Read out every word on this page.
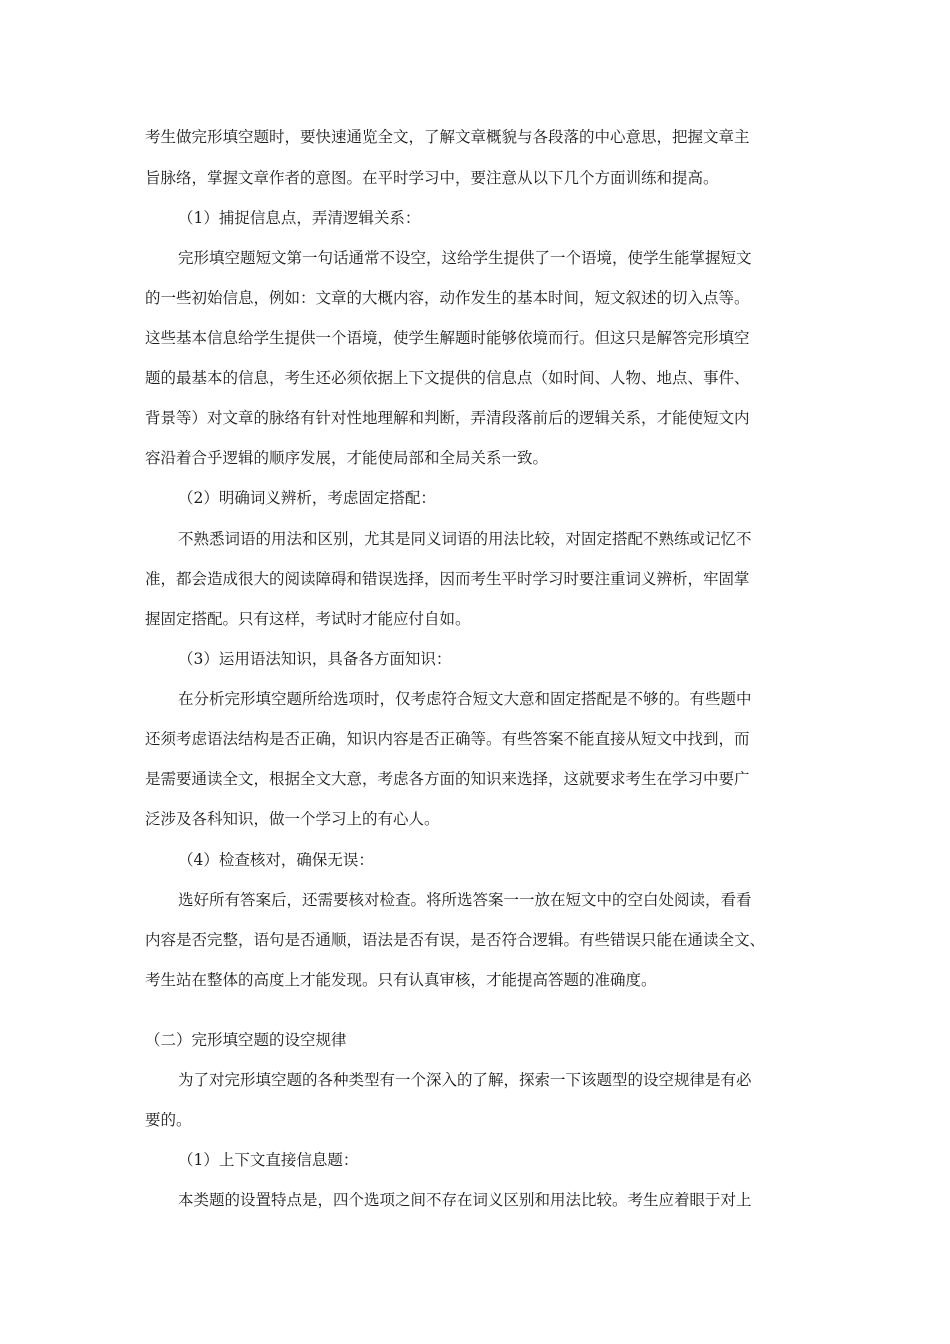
考生做完形填空题时，要快速通览全文，了解文章概貌与各段落的中心意思，把握文章主

旨脉络，掌握文章作者的意图。在平时学习中，要注意从以下几个方面训练和提高。

（1）捕捉信息点，弄清逻辑关系：

完形填空题短文第一句话通常不设空，这给学生提供了一个语境，使学生能掌握短文

的一些初始信息，例如：文章的大概内容，动作发生的基本时间，短文叙述的切入点等。

这些基本信息给学生提供一个语境，使学生解题时能够依境而行。但这只是解答完形填空

题的最基本的信息，考生还必须依据上下文提供的信息点（如时间、人物、地点、事件、

背景等）对文章的脉络有针对性地理解和判断，弄清段落前后的逻辑关系，才能使短文内

容沿着合乎逻辑的顺序发展，才能使局部和全局关系一致。

（2）明确词义辨析，考虑固定搭配：

不熟悉词语的用法和区别，尤其是同义词语的用法比较，对固定搭配不熟练或记忆不

准，都会造成很大的阅读障碍和错误选择，因而考生平时学习时要注重词义辨析，牢固掌

握固定搭配。只有这样，考试时才能应付自如。

（3）运用语法知识，具备各方面知识：

在分析完形填空题所给选项时，仅考虑符合短文大意和固定搭配是不够的。有些题中

还须考虑语法结构是否正确，知识内容是否正确等。有些答案不能直接从短文中找到，而

是需要通读全文，根据全文大意，考虑各方面的知识来选择，这就要求考生在学习中要广

泛涉及各科知识，做一个学习上的有心人。

（4）检查核对，确保无误：

选好所有答案后，还需要核对检查。将所选答案一一放在短文中的空白处阅读，看看

内容是否完整，语句是否通顺，语法是否有误，是否符合逻辑。有些错误只能在通读全文、

考生站在整体的高度上才能发现。只有认真审核，才能提高答题的准确度。

（二）完形填空题的设空规律

为了对完形填空题的各种类型有一个深入的了解，探索一下该题型的设空规律是有必

要的。

（1）上下文直接信息题：

本类题的设置特点是，四个选项之间不存在词义区别和用法比较。考生应着眼于对上
